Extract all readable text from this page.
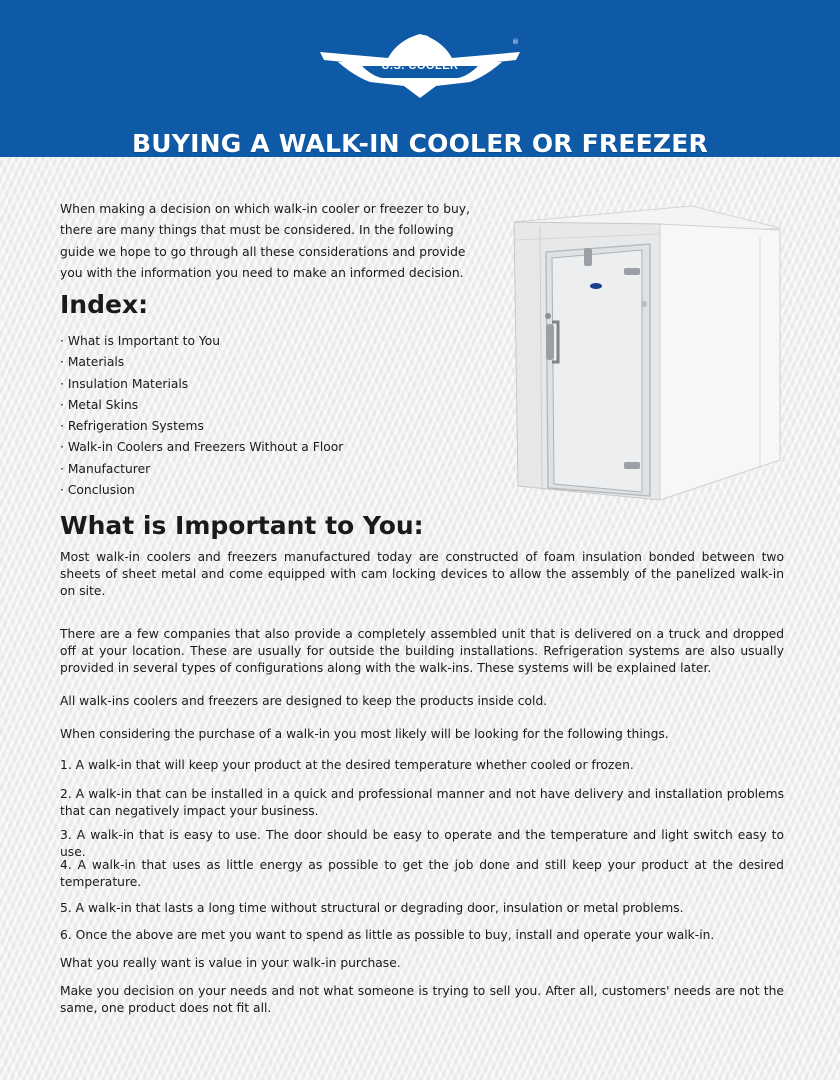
U.S. COOLER
®
BUYING A WALK-IN COOLER OR FREEZER

When making a decision on which walk-in cooler or freezer to buy, there are many things that must be considered. In the following guide we hope to go through all these considerations and provide you with the information you need to make an informed decision.

Index:
· What is Important to You
· Materials
· Insulation Materials
· Metal Skins
· Refrigeration Systems
· Walk-in Coolers and Freezers Without a Floor
· Manufacturer
· Conclusion
What is Important to You:

Most walk-in coolers and freezers manufactured today are constructed of foam insulation bonded between two sheets of sheet metal and come equipped with cam locking devices to allow the assembly of the panelized walk-in on site.

There are a few companies that also provide a completely assembled unit that is delivered on a truck and dropped off at your location. These are usually for outside the building installations. Refrigeration systems are also usually provided in several types of configurations along with the walk-ins. These systems will be explained later.

All walk-ins coolers and freezers are designed to keep the products inside cold.

When considering the purchase of a walk-in you most likely will be looking for the following things.

1. A walk-in that will keep your product at the desired temperature whether cooled or frozen.

2. A walk-in that can be installed in a quick and professional manner and not have delivery and installation problems that can negatively impact your business.

3. A walk-in that is easy to use. The door should be easy to operate and the temperature and light switch easy to use.

4. A walk-in that uses as little energy as possible to get the job done and still keep your product at the desired temperature.

5. A walk-in that lasts a long time without structural or degrading door, insulation or metal problems.

6. Once the above are met you want to spend as little as possible to buy, install and operate your walk-in.

What you really want is value in your walk-in purchase.

Make you decision on your needs and not what someone is trying to sell you. After all, customers' needs are not the same, one product does not fit all.
